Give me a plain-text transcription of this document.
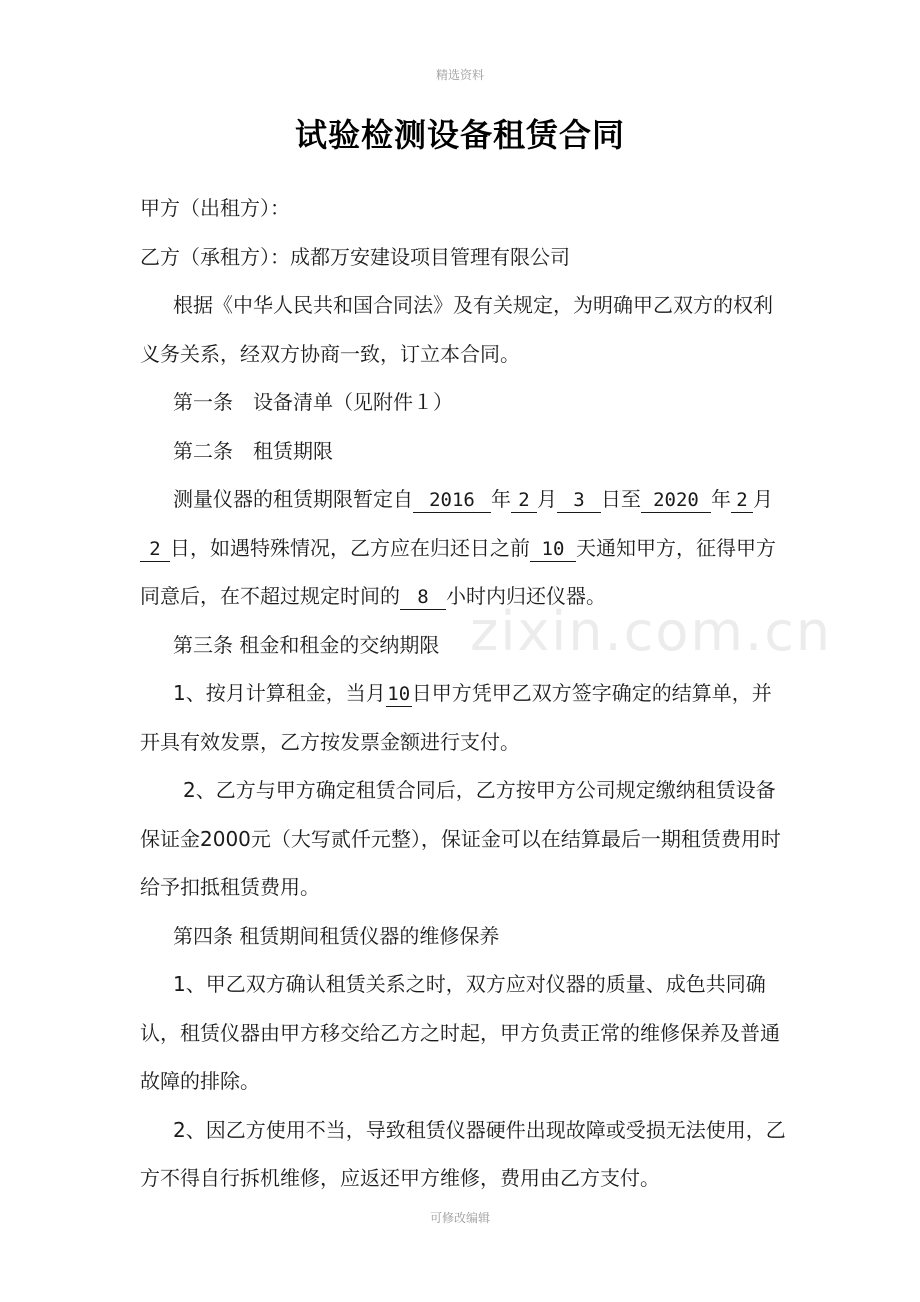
精选资料
zixin.com.cn
试验检测设备租赁合同

甲方（出租方）：

乙方（承租方）：成都万安建设项目管理有限公司

根据《中华人民共和国合同法》及有关规定，为明确甲乙双方的权利义务关系，经双方协商一致，订立本合同。

第一条　设备清单（见附件１）

第二条　租赁期限

测量仪器的租赁期限暂定自 2016 年 2 月 3 日至 2020 年 2 月2 日，如遇特殊情况，乙方应在归还日之前 10 天通知甲方，征得甲方同意后，在不超过规定时间的 8 小时内归还仪器。

第三条 租金和租金的交纳期限

1、按月计算租金，当月10日甲方凭甲乙双方签字确定的结算单，并开具有效发票，乙方按发票金额进行支付。

2、乙方与甲方确定租赁合同后，乙方按甲方公司规定缴纳租赁设备保证金2000元（大写贰仟元整），保证金可以在结算最后一期租赁费用时给予扣抵租赁费用。

第四条 租赁期间租赁仪器的维修保养

1、甲乙双方确认租赁关系之时，双方应对仪器的质量、成色共同确认，租赁仪器由甲方移交给乙方之时起，甲方负责正常的维修保养及普通故障的排除。

2、因乙方使用不当，导致租赁仪器硬件出现故障或受损无法使用，乙方不得自行拆机维修，应返还甲方维修，费用由乙方支付。

可修改编辑
